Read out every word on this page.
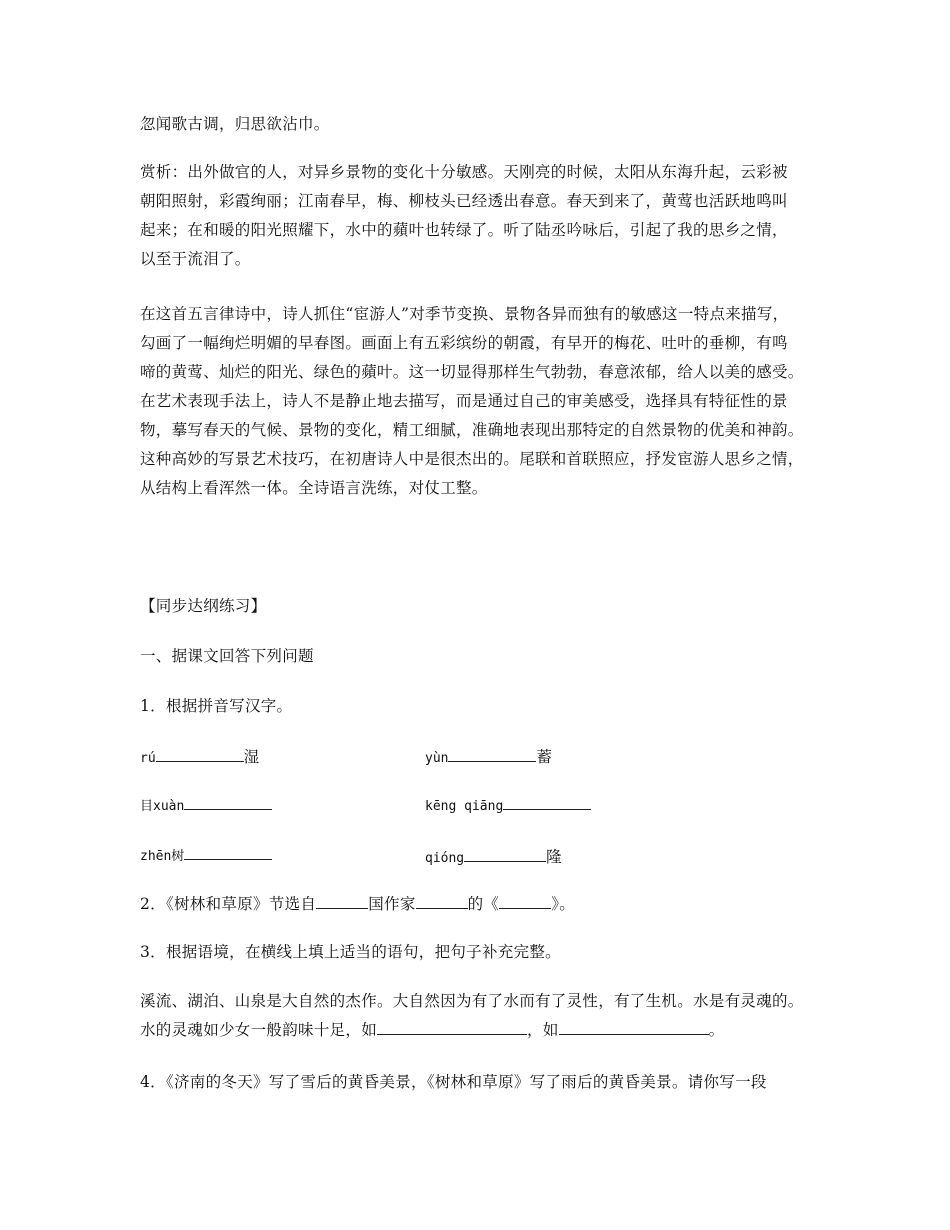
忽闻歌古调，归思欲沾巾。

赏析：出外做官的人，对异乡景物的变化十分敏感。天刚亮的时候，太阳从东海升起，云彩被
朝阳照射，彩霞绚丽；江南春早，梅、柳枝头已经透出春意。春天到来了，黄莺也活跃地鸣叫
起来；在和暖的阳光照耀下，水中的蘋叶也转绿了。听了陆丞吟咏后，引起了我的思乡之情，
以至于流泪了。
在这首五言律诗中，诗人抓住“宦游人”对季节变换、景物各异而独有的敏感这一特点来描写，
勾画了一幅绚烂明媚的早春图。画面上有五彩缤纷的朝霞，有早开的梅花、吐叶的垂柳，有鸣
啼的黄莺、灿烂的阳光、绿色的蘋叶。这一切显得那样生气勃勃，春意浓郁，给人以美的感受。
在艺术表现手法上，诗人不是静止地去描写，而是通过自己的审美感受，选择具有特征性的景
物，摹写春天的气候、景物的变化，精工细腻，准确地表现出那特定的自然景物的优美和神韵。
这种高妙的写景艺术技巧，在初唐诗人中是很杰出的。尾联和首联照应，抒发宦游人思乡之情，
从结构上看浑然一体。全诗语言洗练，对仗工整。

【同步达纲练习】

一、据课文回答下列问题

1．根据拼音写汉字。

rú	湿	yùn	蓄
目xuàn	kēng qiāng
zhēn树	qióng	隆

2．《树林和草原》节选自	国作家	的《	》。

3．根据语境，在横线上填上适当的语句，把句子补充完整。

溪流、湖泊、山泉是大自然的杰作。大自然因为有了水而有了灵性，有了生机。水是有灵魂的。
水的灵魂如少女一般韵味十足，如	，如	。

4．《济南的冬天》写了雪后的黄昏美景，《树林和草原》写了雨后的黄昏美景。请你写一段
